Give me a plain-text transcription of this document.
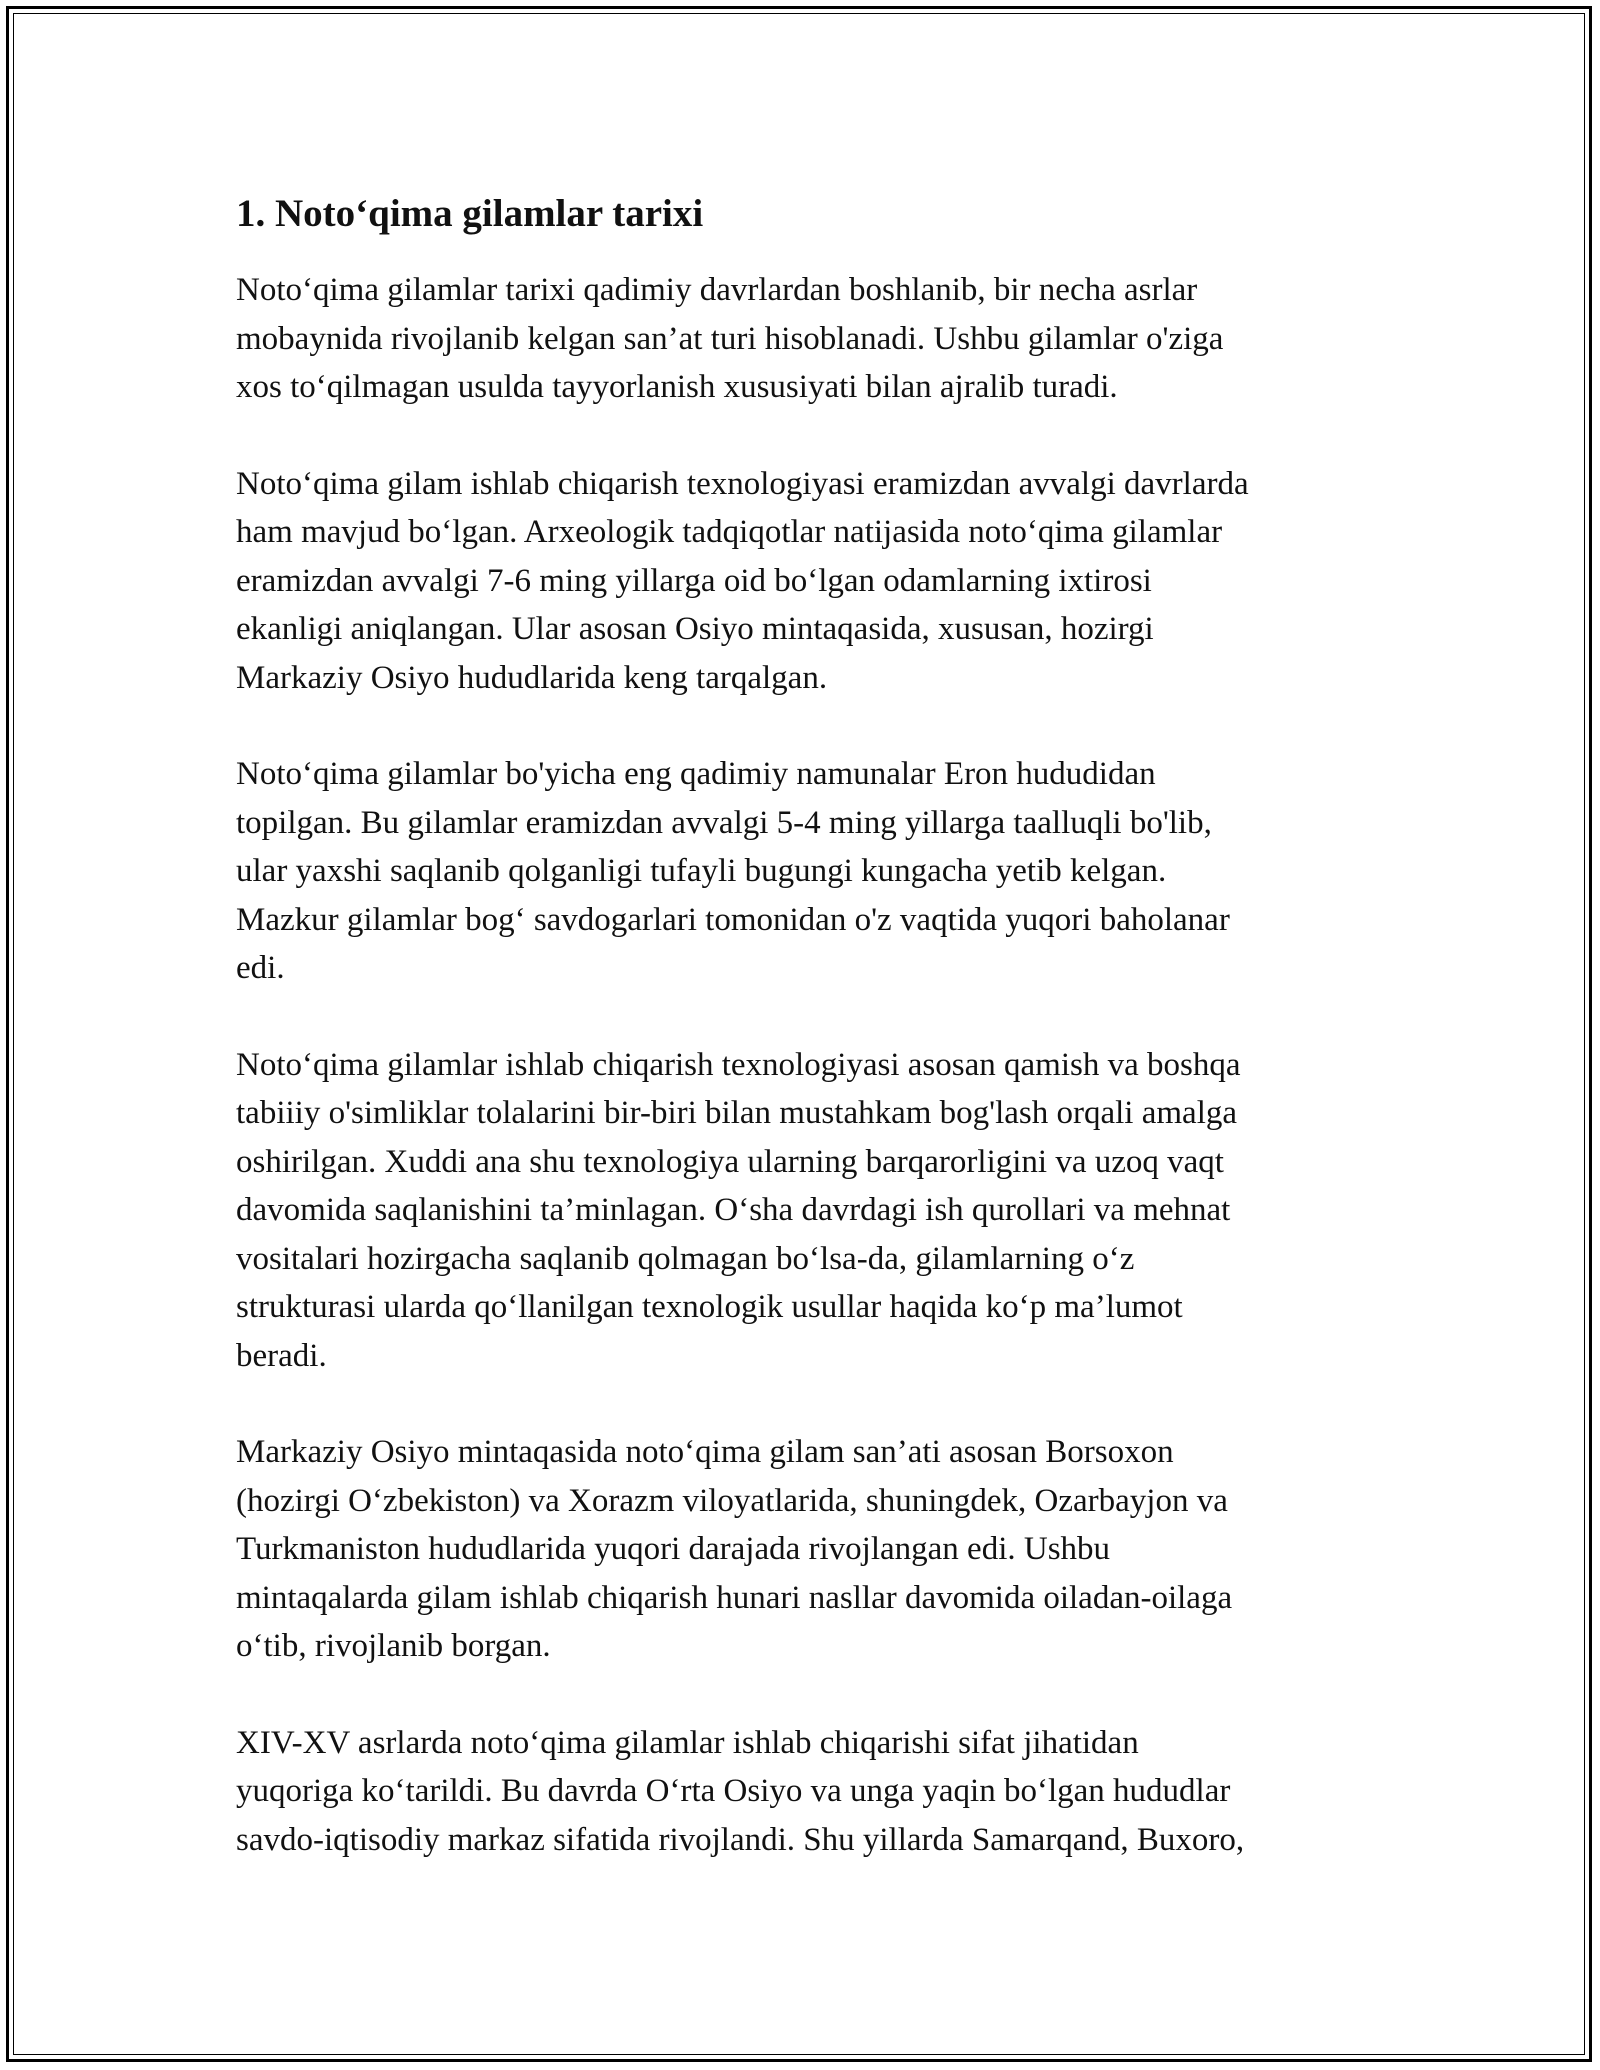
1. Noto‘qima gilamlar tarixi

Noto‘qima gilamlar tarixi qadimiy davrlardan boshlanib, bir necha asrlar
mobaynida rivojlanib kelgan san’at turi hisoblanadi. Ushbu gilamlar o'ziga
xos to‘qilmagan usulda tayyorlanish xususiyati bilan ajralib turadi.

Noto‘qima gilam ishlab chiqarish texnologiyasi eramizdan avvalgi davrlarda
ham mavjud bo‘lgan. Arxeologik tadqiqotlar natijasida noto‘qima gilamlar
eramizdan avvalgi 7-6 ming yillarga oid bo‘lgan odamlarning ixtirosi
ekanligi aniqlangan. Ular asosan Osiyo mintaqasida, xususan, hozirgi
Markaziy Osiyo hududlarida keng tarqalgan.

Noto‘qima gilamlar bo'yicha eng qadimiy namunalar Eron hududidan
topilgan. Bu gilamlar eramizdan avvalgi 5-4 ming yillarga taalluqli bo'lib,
ular yaxshi saqlanib qolganligi tufayli bugungi kungacha yetib kelgan.
Mazkur gilamlar bog‘ savdogarlari tomonidan o'z vaqtida yuqori baholanar
edi.

Noto‘qima gilamlar ishlab chiqarish texnologiyasi asosan qamish va boshqa
tabiiiy o'simliklar tolalarini bir-biri bilan mustahkam bog'lash orqali amalga
oshirilgan. Xuddi ana shu texnologiya ularning barqarorligini va uzoq vaqt
davomida saqlanishini ta’minlagan. O‘sha davrdagi ish qurollari va mehnat
vositalari hozirgacha saqlanib qolmagan bo‘lsa-da, gilamlarning o‘z
strukturasi ularda qo‘llanilgan texnologik usullar haqida ko‘p ma’lumot
beradi.

Markaziy Osiyo mintaqasida noto‘qima gilam san’ati asosan Borsoxon
(hozirgi O‘zbekiston) va Xorazm viloyatlarida, shuningdek, Ozarbayjon va
Turkmaniston hududlarida yuqori darajada rivojlangan edi. Ushbu
mintaqalarda gilam ishlab chiqarish hunari nasllar davomida oiladan-oilaga
o‘tib, rivojlanib borgan.

XIV-XV asrlarda noto‘qima gilamlar ishlab chiqarishi sifat jihatidan
yuqoriga ko‘tarildi. Bu davrda O‘rta Osiyo va unga yaqin bo‘lgan hududlar
savdo-iqtisodiy markaz sifatida rivojlandi. Shu yillarda Samarqand, Buxoro,
